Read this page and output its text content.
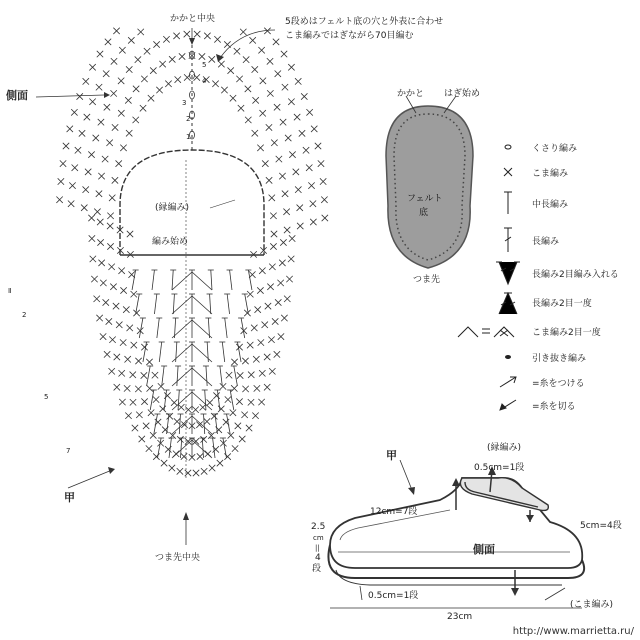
かかと中央	5段めはフェルト底の穴と外表に合わせ
こま編みではぎながら70目編む
側面
(縁編み)
編み始め
甲
つま先中央
5
4
3
2
1
Ⅱ
2
5
7
かかと はぎ始め
フェルト
底
つま先
くさり編み
こま編み
中長編み
長編み
長編み2目編み入れる
長編み2目一度
こま編み2目一度
引き抜き編み
=糸をつける
=糸を切る
(縁編み)
甲
0.5cm=1段
12cm=7段
5cm=4段
側面
2.5
cm
||
4
段
0.5cm=1段
(こま編み)
23cm
http://www.marrietta.ru/
